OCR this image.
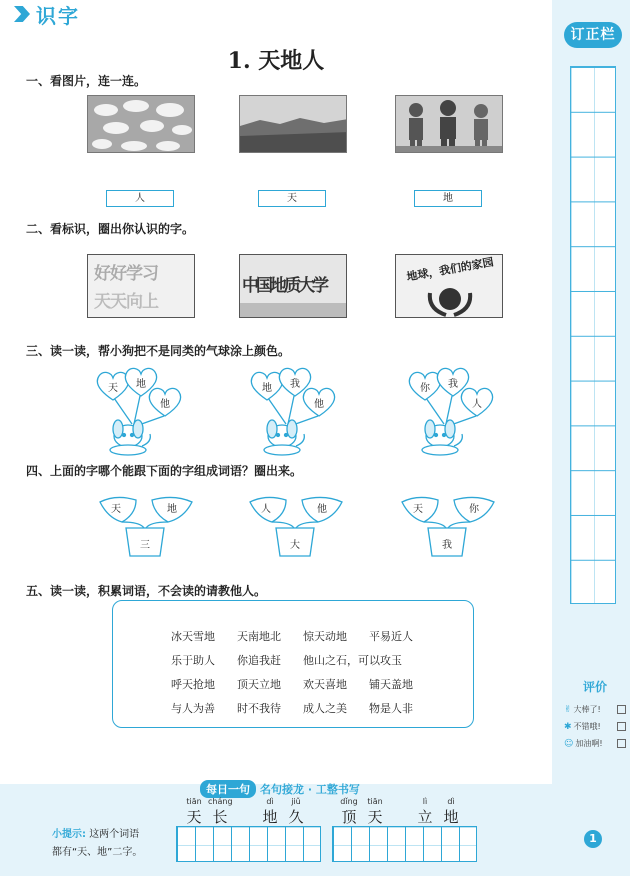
识字
1. 天地人
一、看图片，连一连。
人	天	地
二、看标识，圈出你认识的字。
好好学习
天天向上
中国地质大学
地球，我们的家园
三、读一读，帮小狗把不是同类的气球涂上颜色。
天	地
他
地	我
他
你	我
人
四、上面的字哪个能跟下面的字组成词语？圈出来。
天	地
三
人	他
大
天	你
我
五、读一读，积累词语，不会读的请教他人。
冰天雪地 天南地北 惊天动地 平易近人
乐于助人 你追我赶 他山之石，可以攻玉
呼天抢地 顶天立地 欢天喜地 铺天盖地
与人为善 时不我待 成人之美 物是人非
订正栏
评价
✌ 大棒了!
✱ 不错哦!
☺ 加油啊!
每日一句 名句接龙 · 工整书写
tiān
天
cháng
长
dì
地
jiǔ
久
dǐng
顶
tiān
天
lì
立
dì
地
小提示: 这两个词语
都有“天、地”二字。
1
